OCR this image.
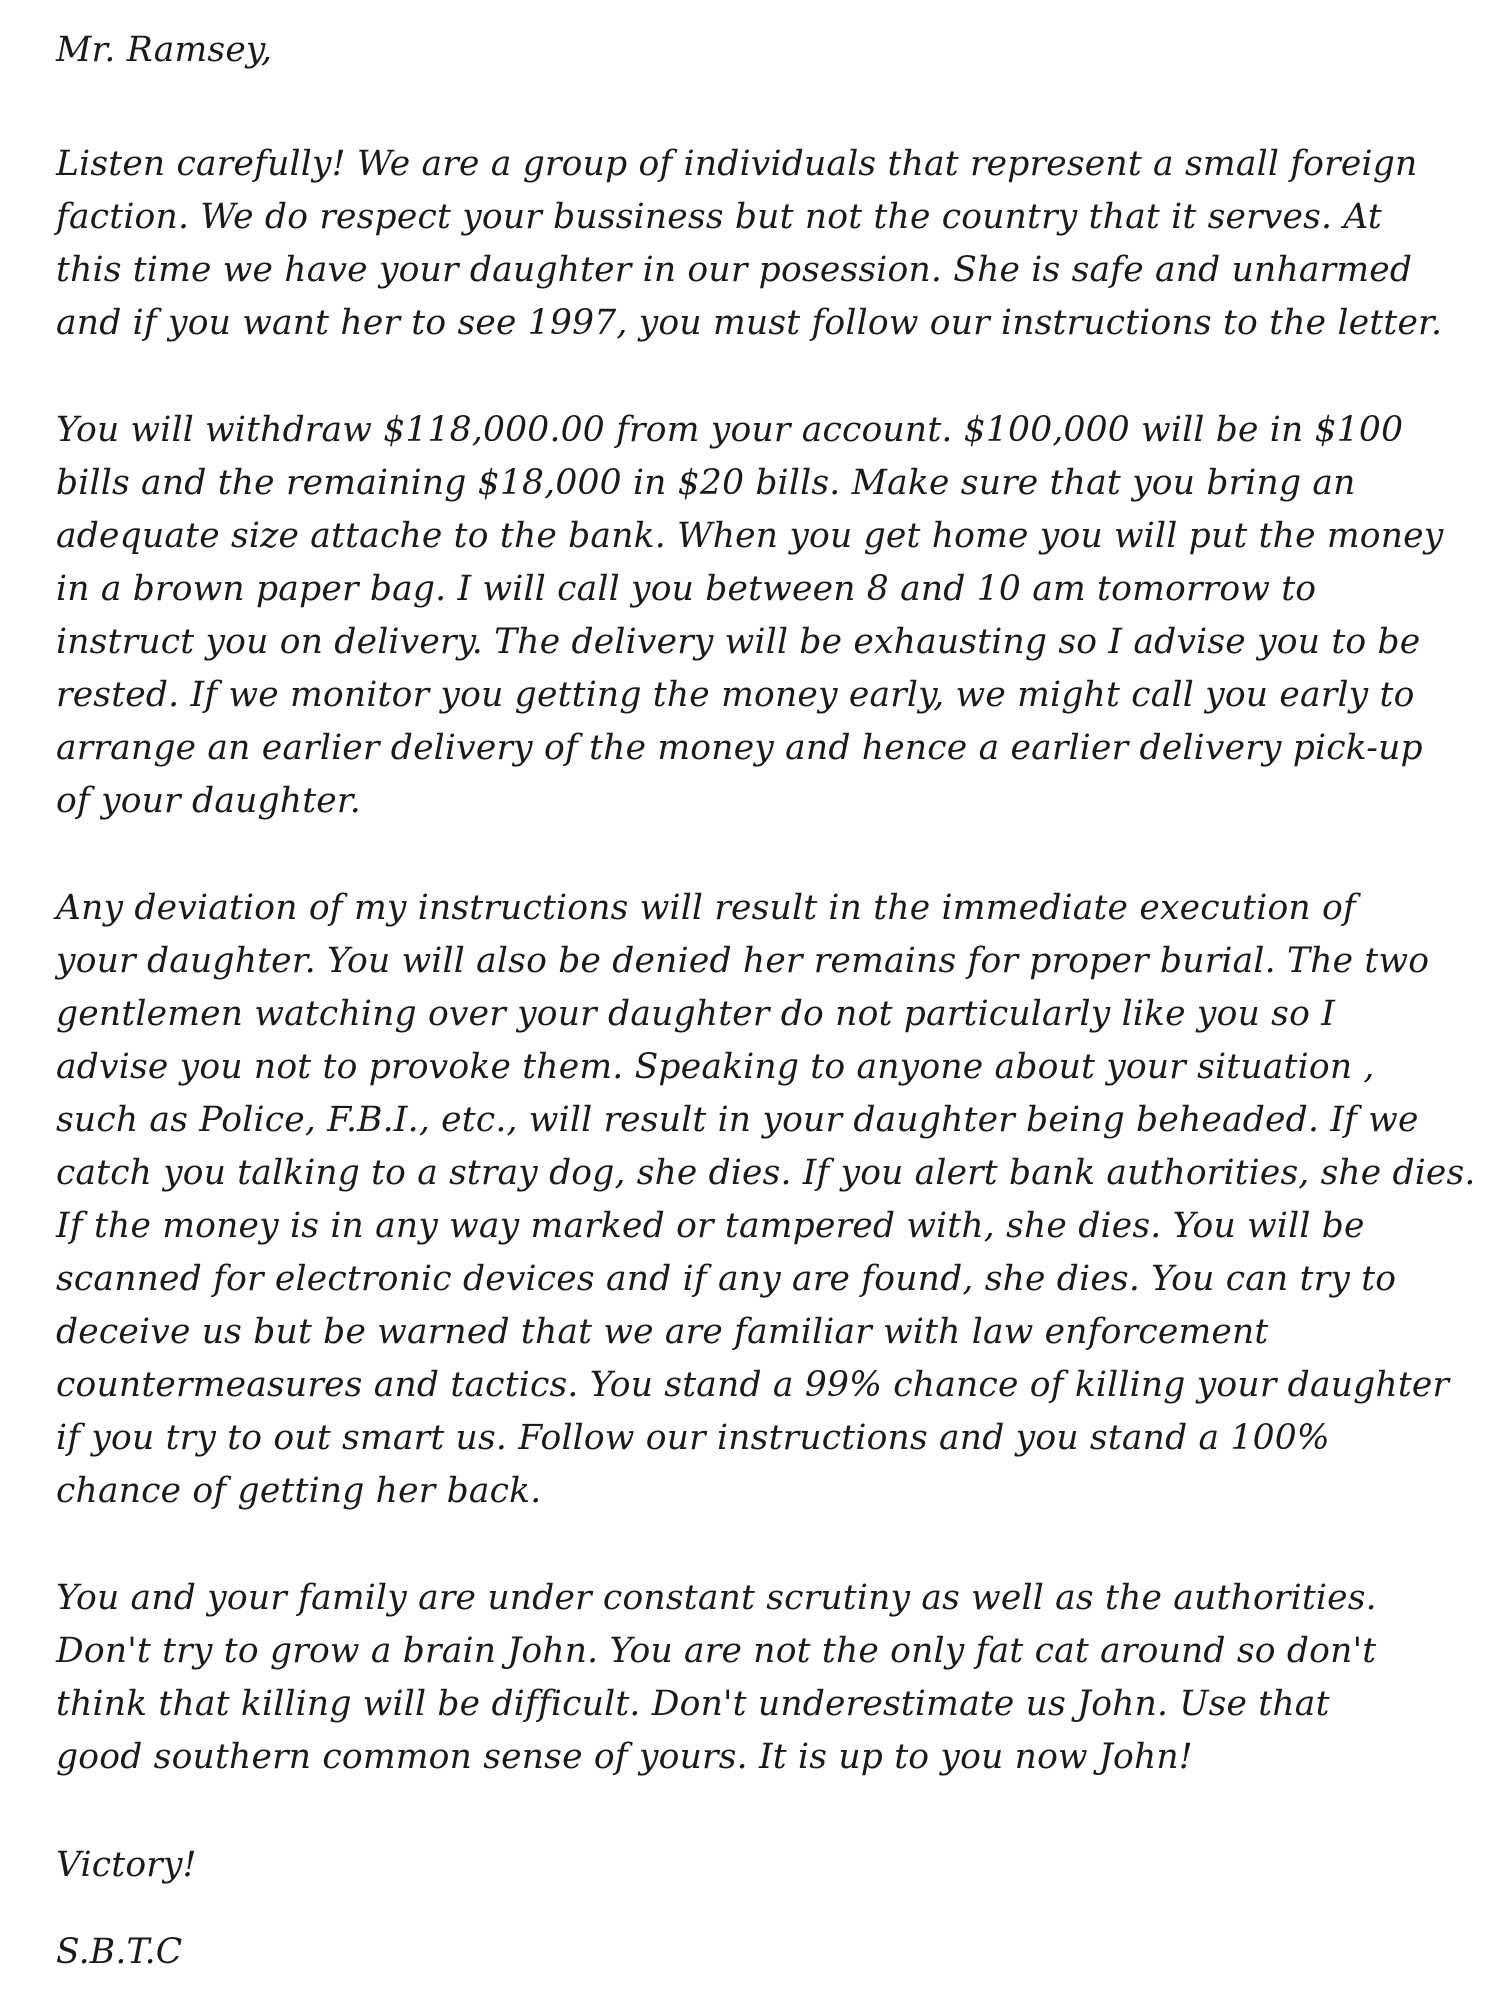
Mr. Ramsey,

Listen carefully! We are a group of individuals that represent a small foreign

faction. We do respect your bussiness but not the country that it serves. At

this time we have your daughter in our posession. She is safe and unharmed

and if you want her to see 1997, you must follow our instructions to the letter.

You will withdraw $118,000.00 from your account. $100,000 will be in $100

bills and the remaining $18,000 in $20 bills. Make sure that you bring an

adequate size attache to the bank. When you get home you will put the money

in a brown paper bag. I will call you between 8 and 10 am tomorrow to

instruct you on delivery. The delivery will be exhausting so I advise you to be

rested. If we monitor you getting the money early, we might call you early to

arrange an earlier delivery of the money and hence a earlier delivery pick-up

of your daughter.

Any deviation of my instructions will result in the immediate execution of

your daughter. You will also be denied her remains for proper burial. The two

gentlemen watching over your daughter do not particularly like you so I

advise you not to provoke them. Speaking to anyone about your situation ,

such as Police, F.B.I., etc., will result in your daughter being beheaded. If we

catch you talking to a stray dog, she dies. If you alert bank authorities, she dies.

If the money is in any way marked or tampered with, she dies. You will be

scanned for electronic devices and if any are found, she dies. You can try to

deceive us but be warned that we are familiar with law enforcement

countermeasures and tactics. You stand a 99% chance of killing your daughter

if you try to out smart us. Follow our instructions and you stand a 100%

chance of getting her back.

You and your family are under constant scrutiny as well as the authorities.

Don't try to grow a brain John. You are not the only fat cat around so don't

think that killing will be difficult. Don't underestimate us John. Use that

good southern common sense of yours. It is up to you now John!

Victory!

S.B.T.C
